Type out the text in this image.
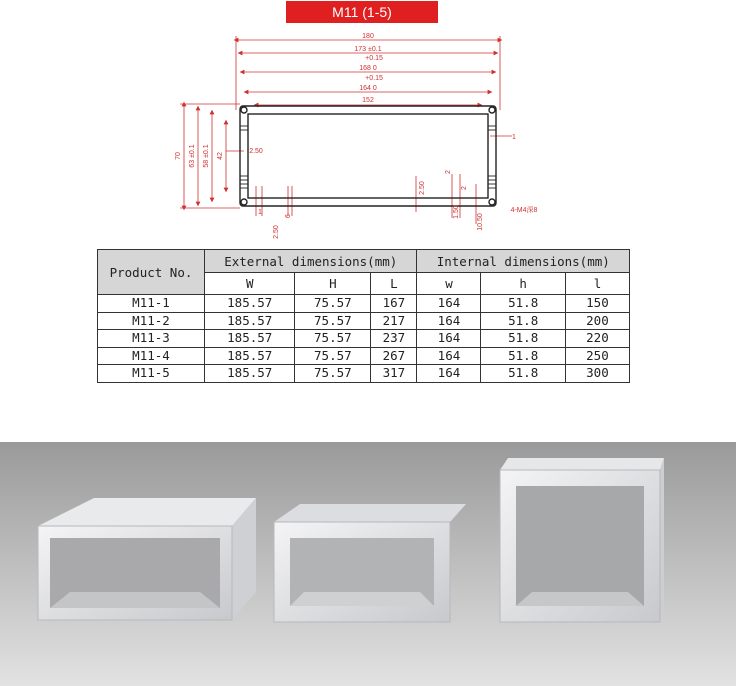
M11 (1-5)
180
173 ±0.1
+0.15
168 0
+0.15
164 0
152
70 63 ±0.1 58 ±0.1 42
2.50
1
2.50
2
2
1.50
10.50
4-M4深8
1	6
2.50
Product No.	External dimensions(mm)			Internal dimensions(mm)		
	W	H	L	w	h	l
M11-1	185.57	75.57	167	164	51.8	150
M11-2	185.57	75.57	217	164	51.8	200
M11-3	185.57	75.57	237	164	51.8	220
M11-4	185.57	75.57	267	164	51.8	250
M11-5	185.57	75.57	317	164	51.8	300
